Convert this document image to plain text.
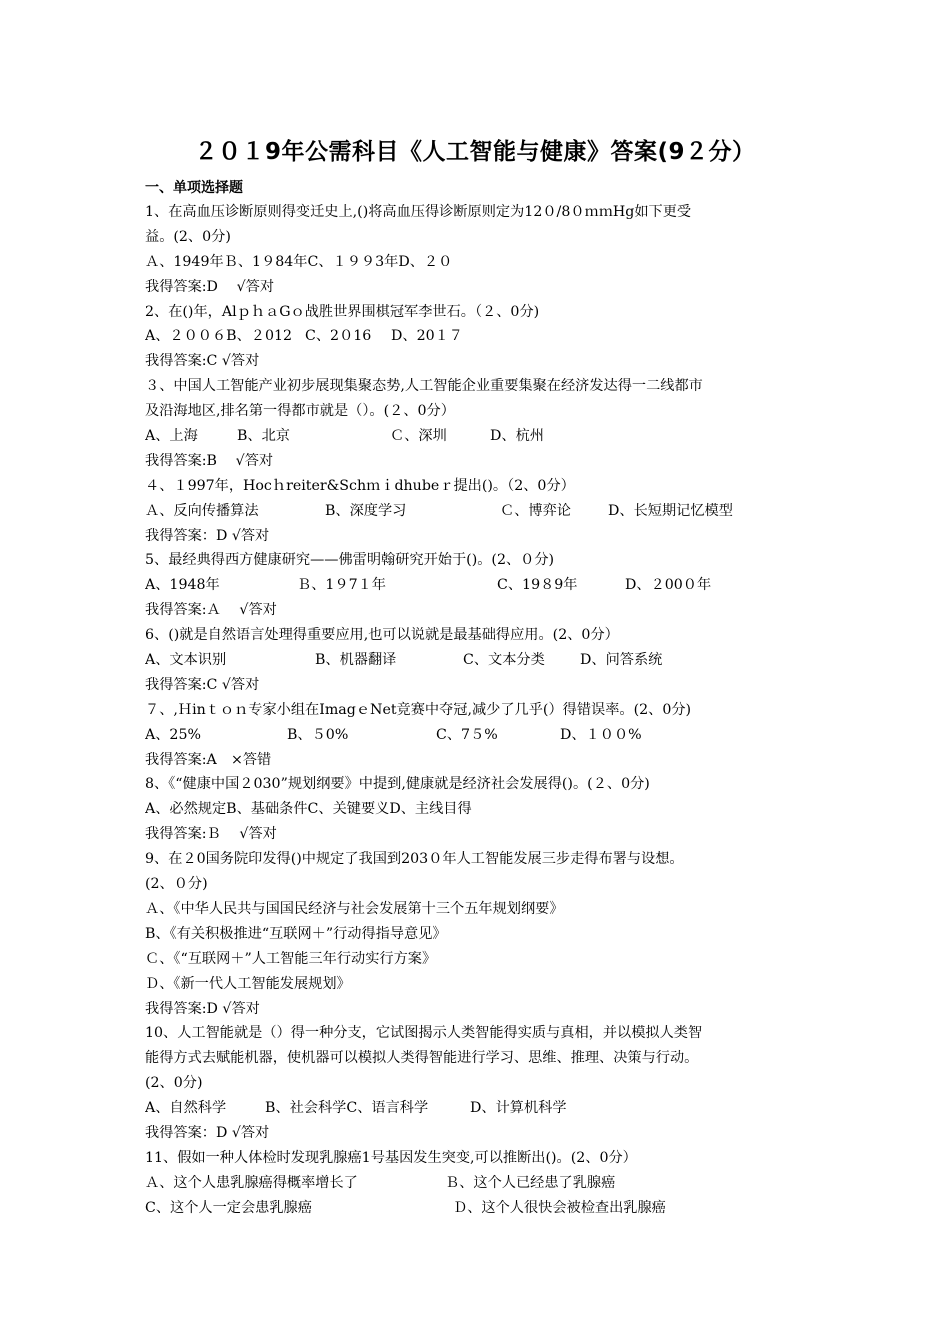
２０１9年公需科目《人工智能与健康》答案(9２分）
一、单项选择题
1、在高血压诊断原则得变迁史上,()将高血压得诊断原则定为12０/8０ｍｍHg如下更受
益。(2、0分)
Ａ、1949年Ｂ、1９84年C、１９９3年D、２０
我得答案:D　 √答对
2、在()年，AlｐｈａGｏ战胜世界围棋冠军李世石。（２、0分)
A、２００６B、２012 C、2０16	D、20１７
我得答案:C √答对
３、中国人工智能产业初步展现集聚态势,人工智能企业重要集聚在经济发达得一二线都市
及沿海地区,排名第一得都市就是（）。(２、0分）
A、上海	B、北京	Ｃ、深圳	D、杭州
我得答案:B　 √答对
４、１997年，Hocｈreiter&Schｍｉdhubeｒ提出()。（2、0分）
Ａ、反向传播算法	B、深度学习	Ｃ、博弈论	D、长短期记忆模型
我得答案：D √答对
5、最经典得西方健康研究——佛雷明翰研究开始于()。(2、０分)
A、1948年	Ｂ、1９7１年	C、19８9年	D、２00０年
我得答案:Ａ　 √答对
6、()就是自然语言处理得重要应用,也可以说就是最基础得应用。(2、0分）
A、文本识别	B、机器翻译	C、文本分类	D、问答系统
我得答案:C √答对
７、,Ｈinｔｏｎ专家小组在ImagｅNet竞赛中夺冠,减少了几乎(）得错误率。(2、0分)
A、25%	B、５0%	C、7５%	D、１００%
我得答案:A　×答错
8、《“健康中国２030”规划纲要》中提到,健康就是经济社会发展得()。(２、0分)
A、必然规定B、基础条件C、关键要义D、主线目得
我得答案:Ｂ　 √答对
9、在２0国务院印发得()中规定了我国到203０年人工智能发展三步走得布署与设想。
(2、０分)
Ａ、《中华人民共与国国民经济与社会发展第十三个五年规划纲要》
B、《有关积极推进“互联网＋”行动得指导意见》
Ｃ、《“互联网＋”人工智能三年行动实行方案》
Ｄ、《新一代人工智能发展规划》
我得答案:D √答对
10、人工智能就是（）得一种分支，它试图揭示人类智能得实质与真相，并以模拟人类智
能得方式去赋能机器，使机器可以模拟人类得智能进行学习、思维、推理、决策与行动。
(2、0分)
A、自然科学	B、社会科学C、语言科学	D、计算机科学
我得答案：D √答对
11、假如一种人体检时发现乳腺癌1号基因发生突变,可以推断出()。(2、0分）
Ａ、这个人患乳腺癌得概率增长了	Ｂ、这个人已经患了乳腺癌
C、这个人一定会患乳腺癌	Ｄ、这个人很快会被检查出乳腺癌
